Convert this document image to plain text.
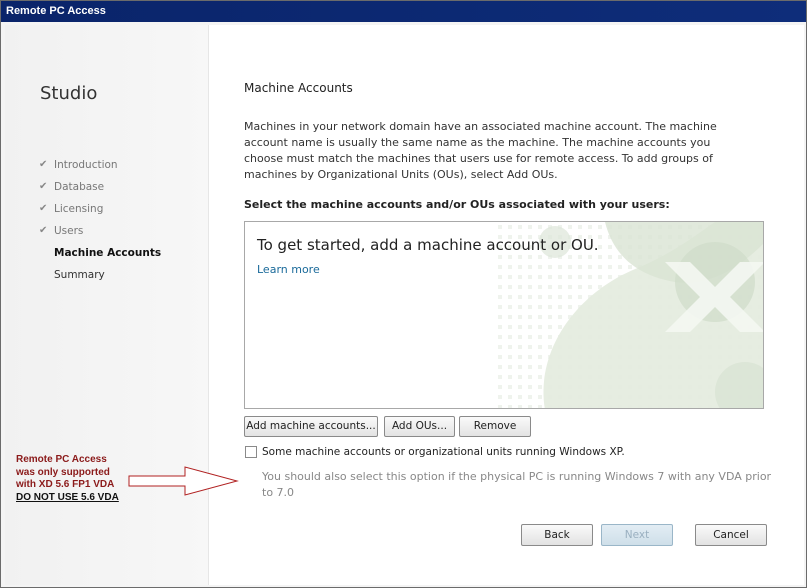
Remote PC Access
Studio
✔ Introduction
✔ Database
✔ Licensing
✔ Users
Machine Accounts
Summary
Machine Accounts
Machines in your network domain have an associated machine account. The machine account name is usually the same name as the machine. The machine accounts you choose must match the machines that users use for remote access. To add groups of machines by Organizational Units (OUs), select Add OUs.
Select the machine accounts and/or OUs associated with your users:
To get started, add a machine account or OU.
Learn more
Add machine accounts...	Add OUs...	Remove
Some machine accounts or organizational units running Windows XP.
You should also select this option if the physical PC is running Windows 7 with any VDA prior to 7.0
Back	Next	Cancel
Remote PC Access
was only supported
with XD 5.6 FP1 VDA
DO NOT USE 5.6 VDA
